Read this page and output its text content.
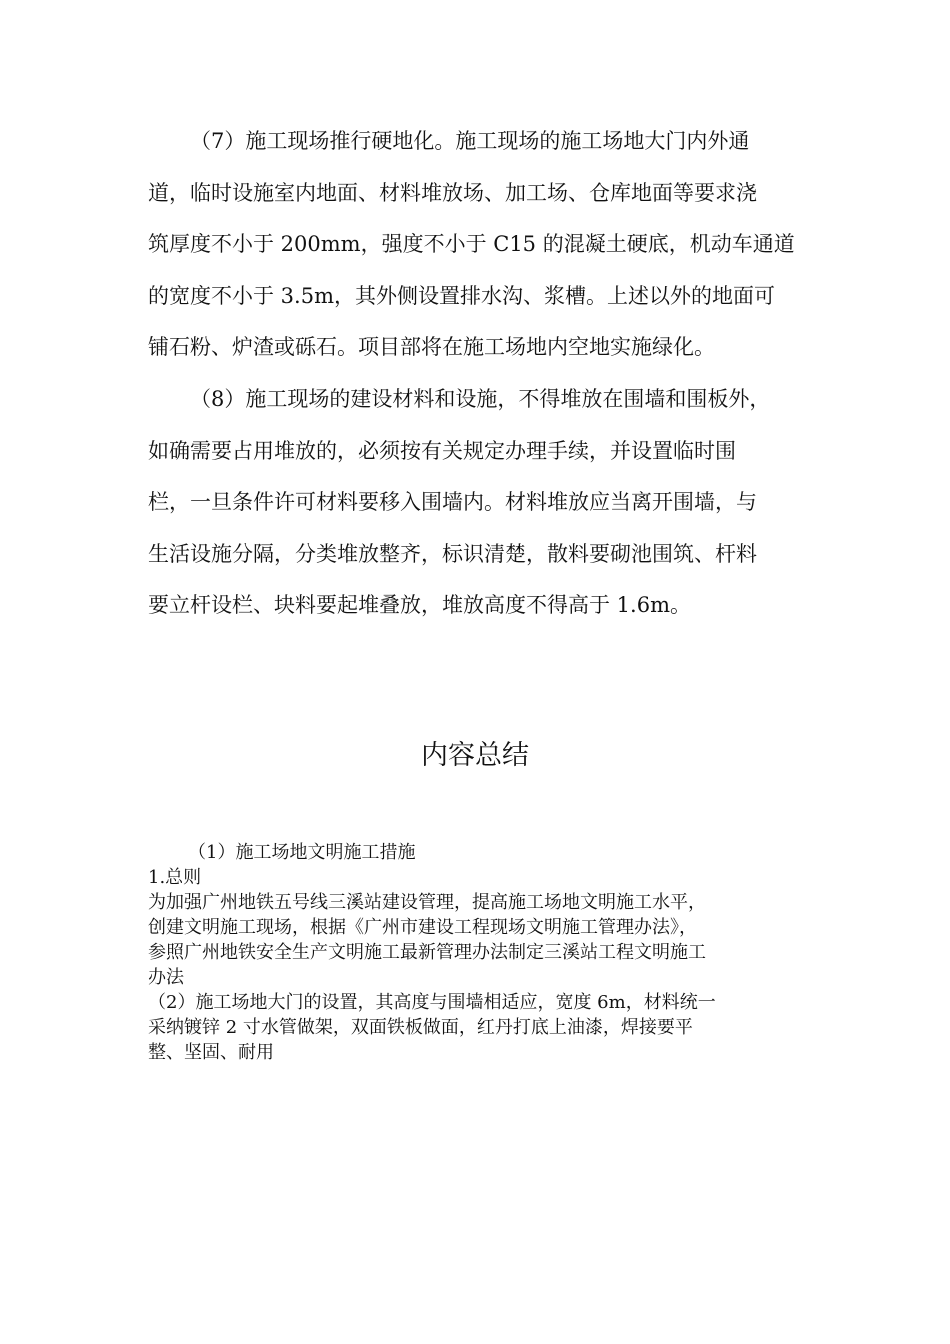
（7）施工现场推行硬地化。施工现场的施工场地大门内外通
道，临时设施室内地面、材料堆放场、加工场、仓库地面等要求浇
筑厚度不小于 200mm，强度不小于 C15 的混凝土硬底，机动车通道
的宽度不小于 3.5m，其外侧设置排水沟、浆槽。上述以外的地面可
铺石粉、炉渣或砾石。项目部将在施工场地内空地实施绿化。

（8）施工现场的建设材料和设施，不得堆放在围墙和围板外，
如确需要占用堆放的，必须按有关规定办理手续，并设置临时围
栏，一旦条件许可材料要移入围墙内。材料堆放应当离开围墙，与
生活设施分隔，分类堆放整齐，标识清楚，散料要砌池围筑、杆料
要立杆设栏、块料要起堆叠放，堆放高度不得高于 1.6m。

内容总结

（1）施工场地文明施工措施

1.总则

为加强广州地铁五号线三溪站建设管理，提高施工场地文明施工水平，

创建文明施工现场，根据《广州市建设工程现场文明施工管理办法》，

参照广州地铁安全生产文明施工最新管理办法制定三溪站工程文明施工

办法

（2）施工场地大门的设置，其高度与围墙相适应，宽度 6m，材料统一

采纳镀锌 2 寸水管做架，双面铁板做面，红丹打底上油漆，焊接要平

整、坚固、耐用
